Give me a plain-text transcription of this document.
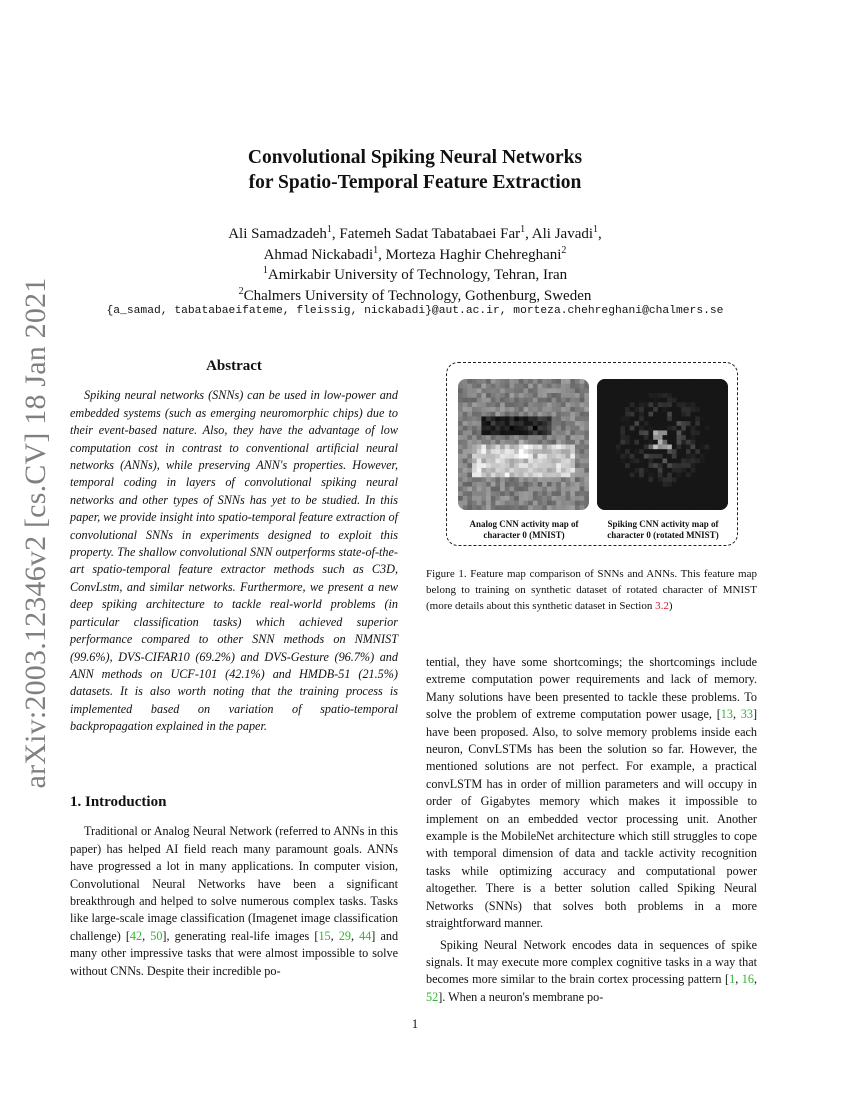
arXiv:2003.12346v2 [cs.CV] 18 Jan 2021
Convolutional Spiking Neural Networks
for Spatio-Temporal Feature Extraction
Ali Samadzadeh$^1$, Fatemeh Sadat Tabatabaei Far$^1$, Ali Javadi$^1$,
Ahmad Nickabadi$^1$, Morteza Haghir Chehreghani$^2$
$^1$Amirkabir University of Technology, Tehran, Iran
$^2$Chalmers University of Technology, Gothenburg, Sweden
{a_samad, tabatabaeifateme, fleissig, nickabadi}@aut.ac.ir, morteza.chehreghani@chalmers.se
Abstract

Spiking neural networks (SNNs) can be used in low-power and embedded systems (such as emerging neuromorphic chips) due to their event-based nature. Also, they have the advantage of low computation cost in contrast to conventional artificial neural networks (ANNs), while preserving ANN's properties. However, temporal coding in layers of convolutional spiking neural networks and other types of SNNs has yet to be studied. In this paper, we provide insight into spatio-temporal feature extraction of convolutional SNNs in experiments designed to exploit this property. The shallow convolutional SNN outperforms state-of-the-art spatio-temporal feature extractor methods such as C3D, ConvLstm, and similar networks. Furthermore, we present a new deep spiking architecture to tackle real-world problems (in particular classification tasks) which achieved superior performance compared to other SNN methods on NMNIST (99.6%), DVS-CIFAR10 (69.2%) and DVS-Gesture (96.7%) and ANN methods on UCF-101 (42.1%) and HMDB-51 (21.5%) datasets. It is also worth noting that the training process is implemented based on variation of spatio-temporal backpropagation explained in the paper.

1. Introduction

Traditional or Analog Neural Network (referred to ANNs in this paper) has helped AI field reach many paramount goals. ANNs have progressed a lot in many applications. In computer vision, Convolutional Neural Networks have been a significant breakthrough and helped to solve numerous complex tasks. Tasks like large-scale image classification (Imagenet image classification challenge) [42, 50], generating real-life images [15, 29, 44] and many other impressive tasks that were almost impossible to solve without CNNs. Despite their incredible po-

Analog CNN activity map of character 0 (MNIST)
Spiking CNN activity map of character 0 (rotated MNIST)
Figure 1. Feature map comparison of SNNs and ANNs. This feature map belong to training on synthetic dataset of rotated character of MNIST (more details about this synthetic dataset in Section 3.2)

tential, they have some shortcomings; the shortcomings include extreme computation power requirements and lack of memory. Many solutions have been presented to tackle these problems. To solve the problem of extreme computation power usage, [13, 33] have been proposed. Also, to solve memory problems inside each neuron, ConvLSTMs has been the solution so far. However, the mentioned solutions are not perfect. For example, a practical convLSTM has in order of million parameters and will occupy in order of Gigabytes memory which makes it impossible to implement on an embedded vector processing unit. Another example is the MobileNet architecture which still struggles to cope with temporal dimension of data and tackle activity recognition tasks while optimizing accuracy and computational power altogether. There is a better solution called Spiking Neural Networks (SNNs) that solves both problems in a more straightforward manner.

Spiking Neural Network encodes data in sequences of spike signals. It may execute more complex cognitive tasks in a way that becomes more similar to the brain cortex processing pattern [1, 16, 52]. When a neuron's membrane po-

1
